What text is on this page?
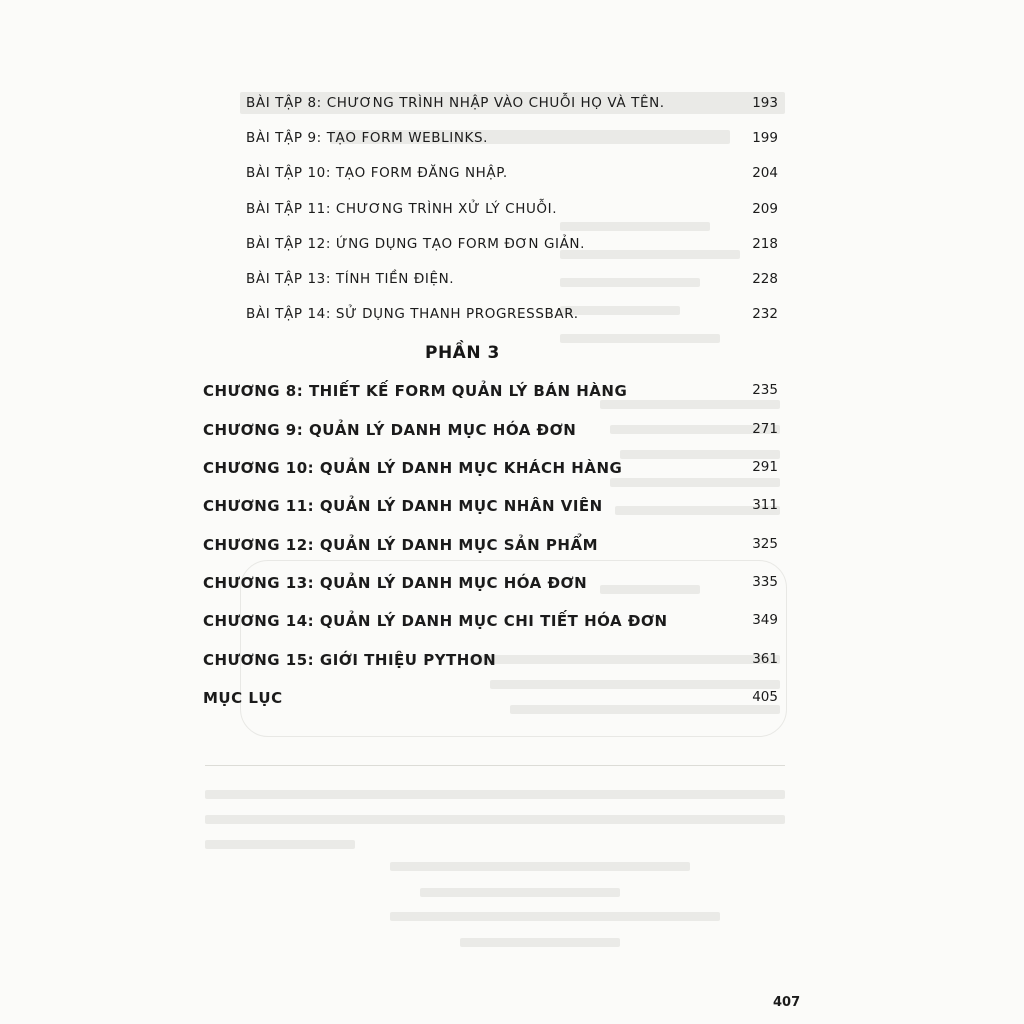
BÀI TẬP 8: CHƯƠNG TRÌNH NHẬP VÀO CHUỖI HỌ VÀ TÊN.	193
BÀI TẬP 9: TẠO FORM WEBLINKS.	199
BÀI TẬP 10: TẠO FORM ĐĂNG NHẬP.	204
BÀI TẬP 11: CHƯƠNG TRÌNH XỬ LÝ CHUỖI.	209
BÀI TẬP 12: ỨNG DỤNG TẠO FORM ĐƠN GIẢN.	218
BÀI TẬP 13: TÍNH TIỀN ĐIỆN.	228
BÀI TẬP 14: SỬ DỤNG THANH PROGRESSBAR.	232
PHẦN 3
CHƯƠNG 8: THIẾT KẾ FORM QUẢN LÝ BÁN HÀNG	235
CHƯƠNG 9: QUẢN LÝ DANH MỤC HÓA ĐƠN	271
CHƯƠNG 10: QUẢN LÝ DANH MỤC KHÁCH HÀNG	291
CHƯƠNG 11: QUẢN LÝ DANH MỤC NHÂN VIÊN	311
CHƯƠNG 12: QUẢN LÝ DANH MỤC SẢN PHẨM	325
CHƯƠNG 13: QUẢN LÝ DANH MỤC HÓA ĐƠN	335
CHƯƠNG 14: QUẢN LÝ DANH MỤC CHI TIẾT HÓA ĐƠN	349
CHƯƠNG 15: GIỚI THIỆU PYTHON	361
MỤC LỤC	405
407
